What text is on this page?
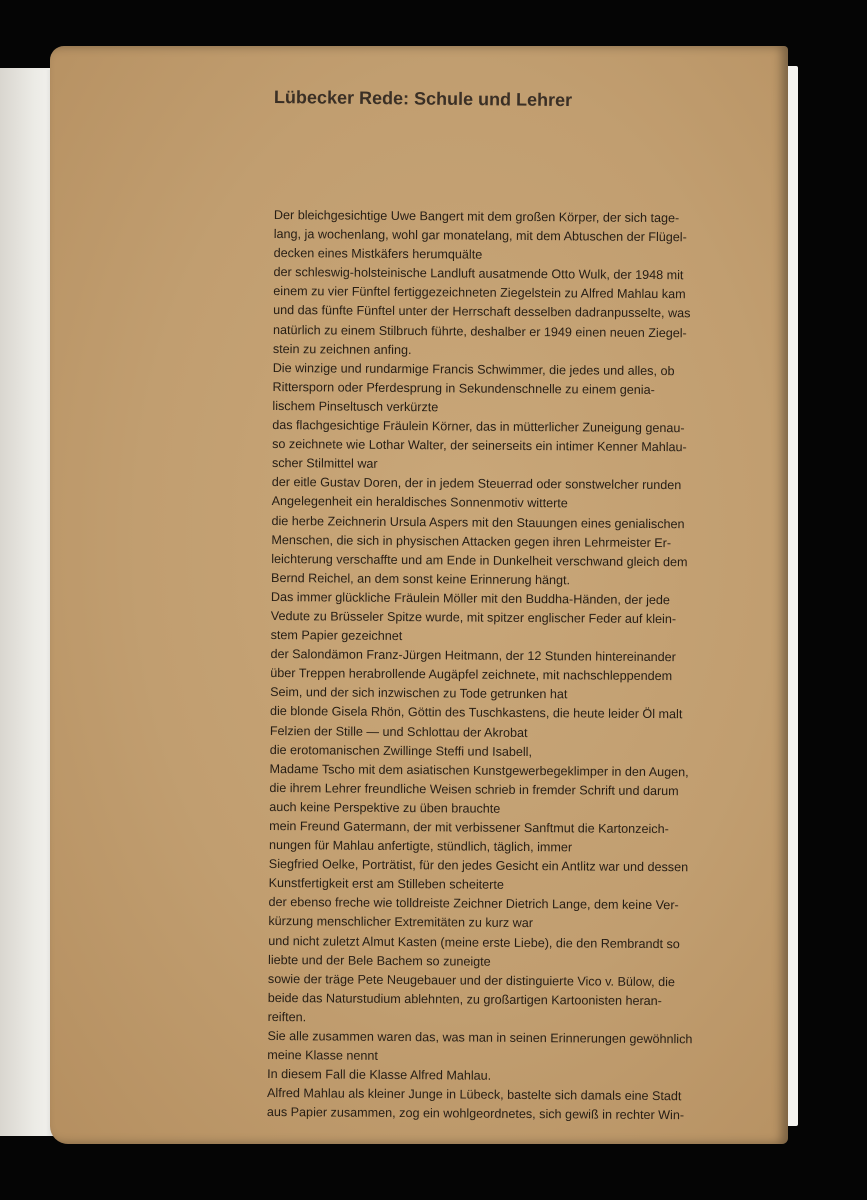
Lübecker Rede: Schule und Lehrer
Der bleichgesichtige Uwe Bangert mit dem großen Körper, der sich tage-
lang, ja wochenlang, wohl gar monatelang, mit dem Abtuschen der Flügel-
decken eines Mistkäfers herumquälte
der schleswig-holsteinische Landluft ausatmende Otto Wulk, der 1948 mit
einem zu vier Fünftel fertiggezeichneten Ziegelstein zu Alfred Mahlau kam
und das fünfte Fünftel unter der Herrschaft desselben dadranpusselte, was
natürlich zu einem Stilbruch führte, deshalber er 1949 einen neuen Ziegel-
stein zu zeichnen anfing.
Die winzige und rundarmige Francis Schwimmer, die jedes und alles, ob
Rittersporn oder Pferdesprung in Sekundenschnelle zu einem genia-
lischem Pinseltusch verkürzte
das flachgesichtige Fräulein Körner, das in mütterlicher Zuneigung genau-
so zeichnete wie Lothar Walter, der seinerseits ein intimer Kenner Mahlau-
scher Stilmittel war
der eitle Gustav Doren, der in jedem Steuerrad oder sonstwelcher runden
Angelegenheit ein heraldisches Sonnenmotiv witterte
die herbe Zeichnerin Ursula Aspers mit den Stauungen eines genialischen
Menschen, die sich in physischen Attacken gegen ihren Lehrmeister Er-
leichterung verschaffte und am Ende in Dunkelheit verschwand gleich dem
Bernd Reichel, an dem sonst keine Erinnerung hängt.
Das immer glückliche Fräulein Möller mit den Buddha-Händen, der jede
Vedute zu Brüsseler Spitze wurde, mit spitzer englischer Feder auf klein-
stem Papier gezeichnet
der Salondämon Franz-Jürgen Heitmann, der 12 Stunden hintereinander
über Treppen herabrollende Augäpfel zeichnete, mit nachschleppendem
Seim, und der sich inzwischen zu Tode getrunken hat
die blonde Gisela Rhön, Göttin des Tuschkastens, die heute leider Öl malt
Felzien der Stille — und Schlottau der Akrobat
die erotomanischen Zwillinge Steffi und Isabell,
Madame Tscho mit dem asiatischen Kunstgewerbegeklimper in den Augen,
die ihrem Lehrer freundliche Weisen schrieb in fremder Schrift und darum
auch keine Perspektive zu üben brauchte
mein Freund Gatermann, der mit verbissener Sanftmut die Kartonzeich-
nungen für Mahlau anfertigte, stündlich, täglich, immer
Siegfried Oelke, Porträtist, für den jedes Gesicht ein Antlitz war und dessen
Kunstfertigkeit erst am Stilleben scheiterte
der ebenso freche wie tolldreiste Zeichner Dietrich Lange, dem keine Ver-
kürzung menschlicher Extremitäten zu kurz war
und nicht zuletzt Almut Kasten (meine erste Liebe), die den Rembrandt so
liebte und der Bele Bachem so zuneigte
sowie der träge Pete Neugebauer und der distinguierte Vico v. Bülow, die
beide das Naturstudium ablehnten, zu großartigen Kartoonisten heran-
reiften.
Sie alle zusammen waren das, was man in seinen Erinnerungen gewöhnlich
meine Klasse nennt
In diesem Fall die Klasse Alfred Mahlau.
Alfred Mahlau als kleiner Junge in Lübeck, bastelte sich damals eine Stadt
aus Papier zusammen, zog ein wohlgeordnetes, sich gewiß in rechter Win-
